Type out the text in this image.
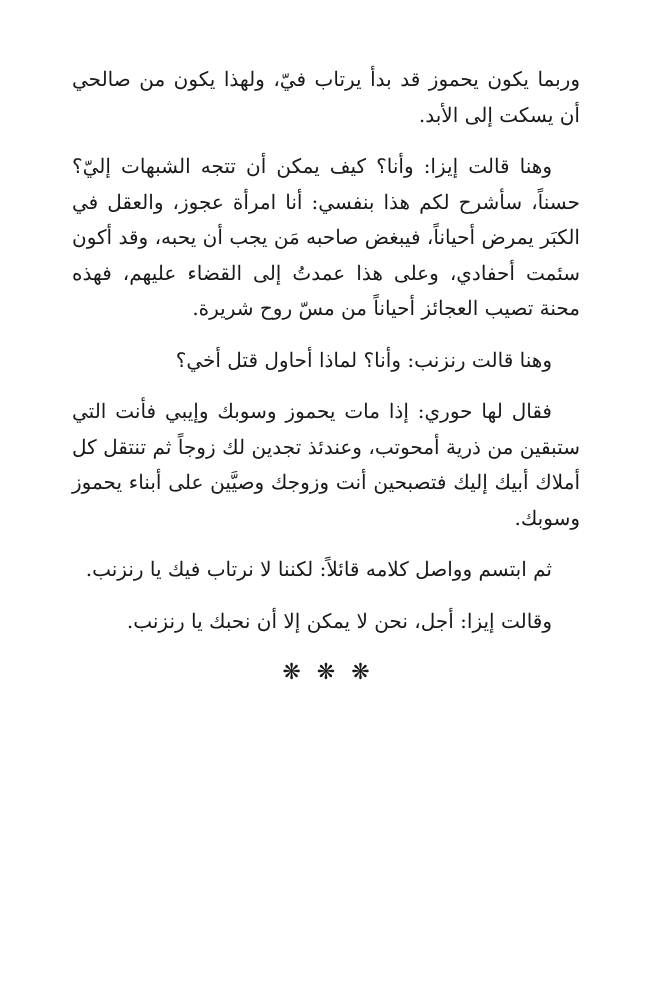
وربما يكون يحموز قد بدأ يرتاب فيّ، ولهذا يكون من صالحي أن يسكت إلى الأبد.

وهنا قالت إيزا: وأنا؟ كيف يمكن أن تتجه الشبهات إليّ؟ حسناً، سأشرح لكم هذا بنفسي: أنا امرأة عجوز، والعقل في الكبَر يمرض أحياناً، فيبغض صاحبه مَن يجب أن يحبه، وقد أكون سئمت أحفادي، وعلى هذا عمدتُ إلى القضاء عليهم، فهذه محنة تصيب العجائز أحياناً من مسّ روح شريرة.

وهنا قالت رنزنب: وأنا؟ لماذا أحاول قتل أخي؟

فقال لها حوري: إذا مات يحموز وسوبك وإيبي فأنت التي ستبقين من ذرية أمحوتب، وعندئذ تجدين لك زوجاً ثم تنتقل كل أملاك أبيك إليك فتصبحين أنت وزوجك وصيَّين على أبناء يحموز وسوبك.

ثم ابتسم وواصل كلامه قائلاً: لكننا لا نرتاب فيك يا رنزنب.

وقالت إيزا: أجل، نحن لا يمكن إلا أن نحبك يا رنزنب.

❋❋❋
